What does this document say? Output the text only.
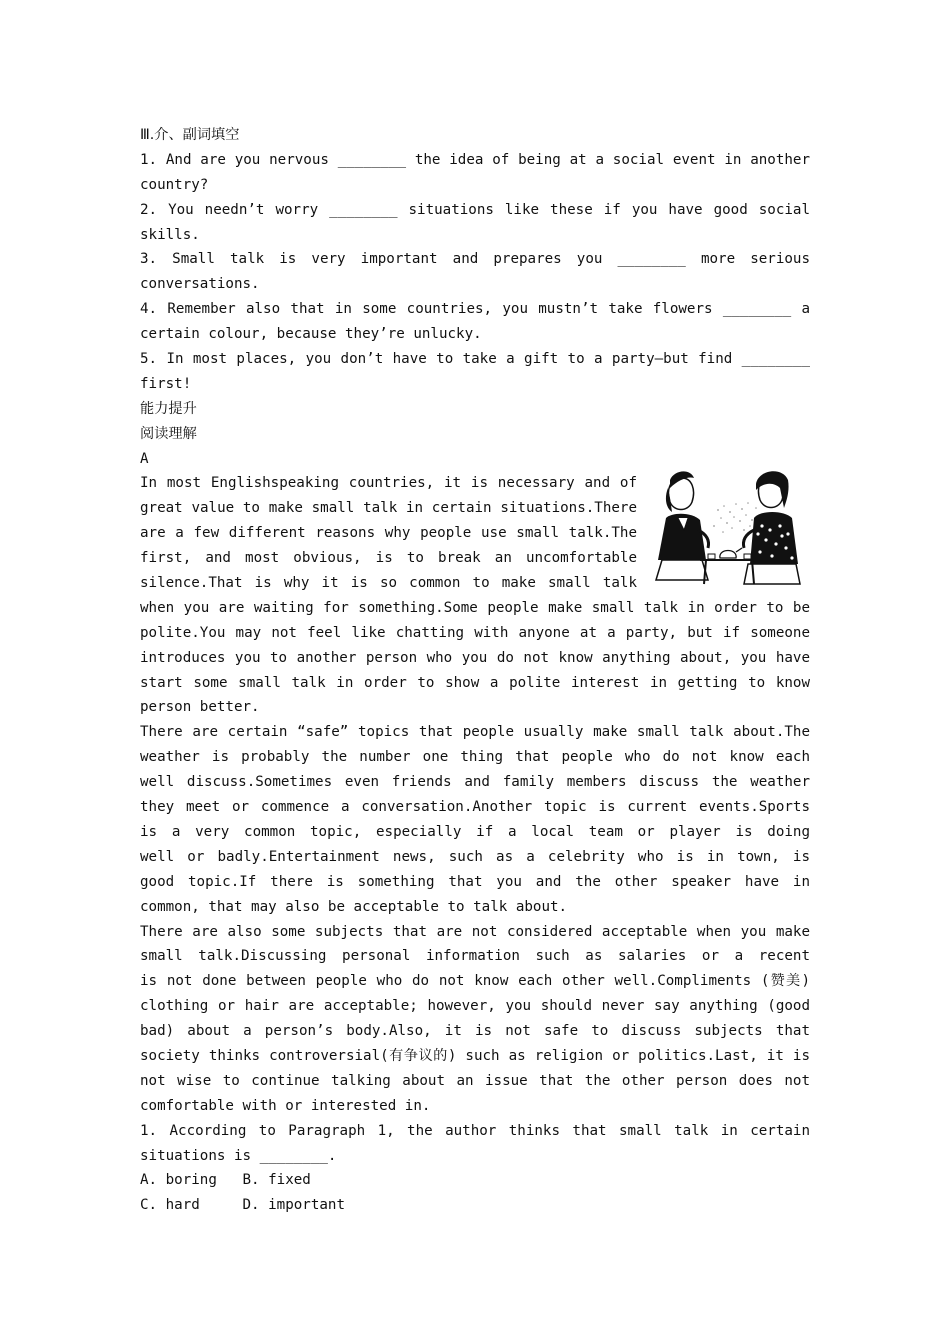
Ⅲ.介、副词填空
1. And are you nervous ________ the idea of being at a social event in another
country?
2. You needn’t worry ________ situations like these if you have good social
skills.
3. Small talk is very important and prepares you ________ more serious
conversations.
4. Remember also that in some countries, you mustn’t take flowers ________ a
certain colour, because they’re unlucky.
5. In most places, you don’t have to take a gift to a party—but find ________
first!
能力提升
阅读理解
A
In most Englishspeaking countries, it is necessary and of
great value to make small talk in certain situations.There
are a few different reasons why people use small talk.The
first, and most obvious, is to break an uncomfortable
silence.That is why it is so common to make small talk
when you are waiting for something.Some people make small talk in order to be
polite.You may not feel like chatting with anyone at a party, but if someone
introduces you to another person who you do not know anything about, you have
start some small talk in order to show a polite interest in getting to know
person better.
There are certain “safe” topics that people usually make small talk about.The
weather is probably the number one thing that people who do not know each
well discuss.Sometimes even friends and family members discuss the weather
they meet or commence a conversation.Another topic is current events.Sports
is a very common topic, especially if a local team or player is doing
well or badly.Entertainment news, such as a celebrity who is in town, is
good topic.If there is something that you and the other speaker have in
common, that may also be acceptable to talk about.
There are also some subjects that are not considered acceptable when you make
small talk.Discussing personal information such as salaries or a recent
is not done between people who do not know each other well.Compliments (赞美)
clothing or hair are acceptable; however, you should never say anything (good
bad) about a person’s body.Also, it is not safe to discuss subjects that
society thinks controversial(有争议的) such as religion or politics.Last, it is
not wise to continue talking about an issue that the other person does not
comfortable with or interested in.
1. According to Paragraph 1, the author thinks that small talk in certain
situations is ________.
A. boring   B. fixed
C. hard     D. important
